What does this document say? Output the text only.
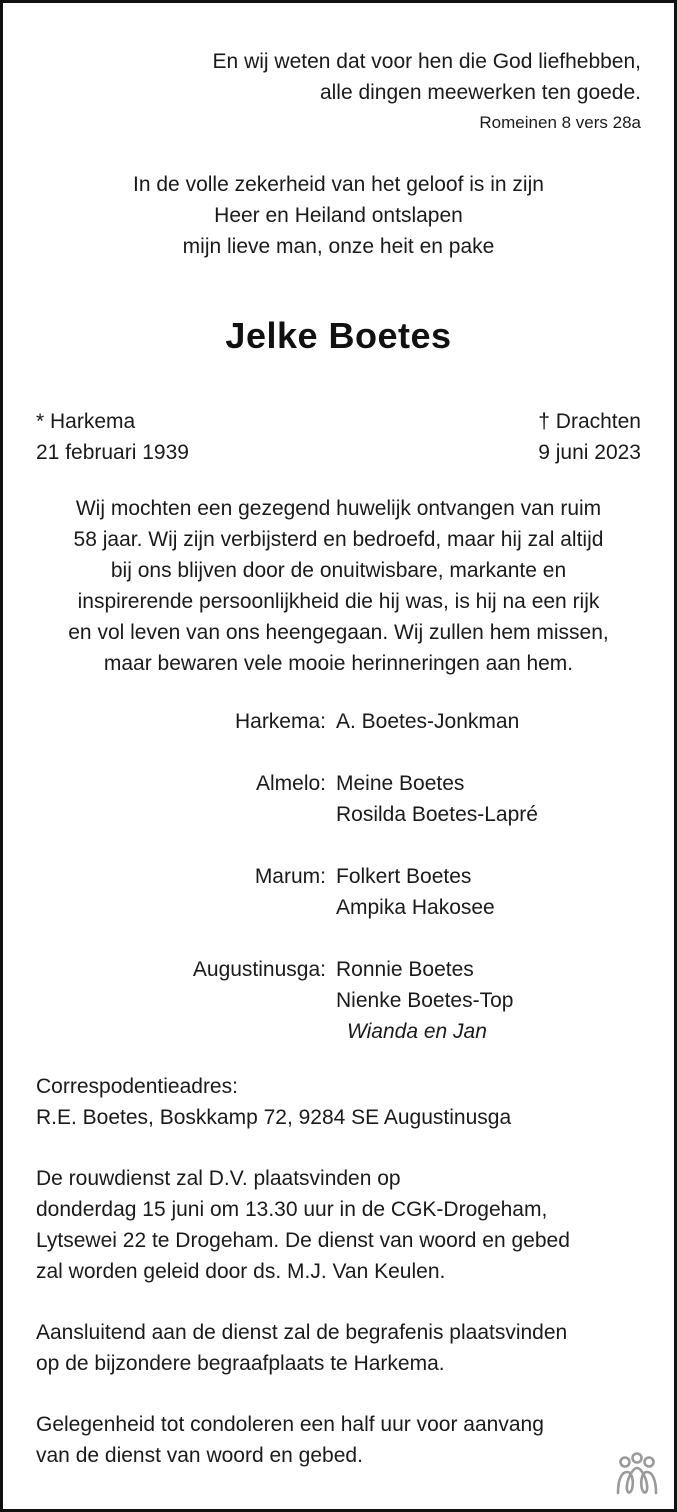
En wij weten dat voor hen die God liefhebben,
alle dingen meewerken ten goede.
Romeinen 8 vers 28a
In de volle zekerheid van het geloof is in zijn
Heer en Heiland ontslapen
mijn lieve man, onze heit en pake
Jelke Boetes
* Harkema
21 februari 1939
† Drachten
9 juni 2023
Wij mochten een gezegend huwelijk ontvangen van ruim
58 jaar. Wij zijn verbijsterd en bedroefd, maar hij zal altijd
bij ons blijven door de onuitwisbare, markante en
inspirerende persoonlijkheid die hij was, is hij na een rijk
en vol leven van ons heengegaan. Wij zullen hem missen,
maar bewaren vele mooie herinneringen aan hem.
Harkema: A. Boetes-Jonkman
Almelo: Meine Boetes
Rosilda Boetes-Lapré
Marum: Folkert Boetes
Ampika Hakosee
Augustinusga: Ronnie Boetes
Nienke Boetes-Top
Wianda en Jan
Correspodentieadres:
R.E. Boetes, Boskkamp 72, 9284 SE Augustinusga
De rouwdienst zal D.V. plaatsvinden op
donderdag 15 juni om 13.30 uur in de CGK-Drogeham,
Lytsewei 22 te Drogeham. De dienst van woord en gebed
zal worden geleid door ds. M.J. Van Keulen.
Aansluitend aan de dienst zal de begrafenis plaatsvinden
op de bijzondere begraafplaats te Harkema.
Gelegenheid tot condoleren een half uur voor aanvang
van de dienst van woord en gebed.
